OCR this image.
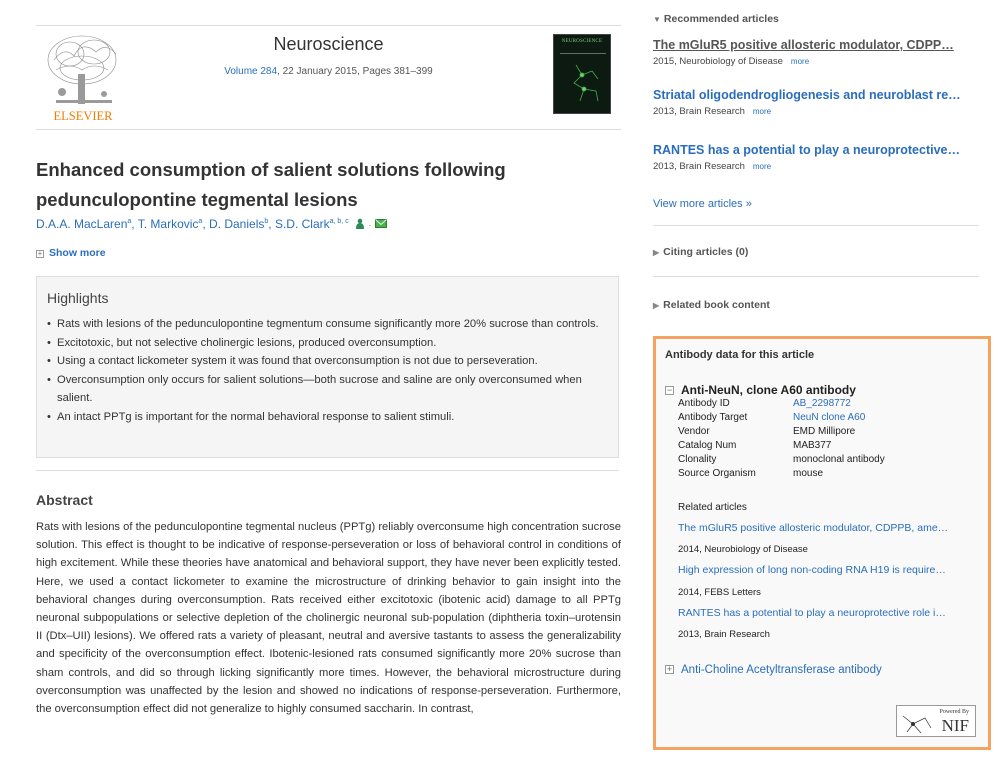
ELSEVIER
Neuroscience
Volume 284, 22 January 2015, Pages 381–399
NEUROSCIENCE
Enhanced consumption of salient solutions following pedunculopontine tegmental lesions
D.A.A. MacLaren$^a$, T. Markovic$^a$, D. Daniels$^b$, S.D. Clark$^{a, b, c}$ ·
+ Show more
Highlights
• Rats with lesions of the pedunculopontine tegmentum consume significantly more 20% sucrose than controls.
• Excitotoxic, but not selective cholinergic lesions, produced overconsumption.
• Using a contact lickometer system it was found that overconsumption is not due to perseveration.
• Overconsumption only occurs for salient solutions—both sucrose and saline are only overconsumed when salient.
• An intact PPTg is important for the normal behavioral response to salient stimuli.
Abstract

Rats with lesions of the pedunculopontine tegmental nucleus (PPTg) reliably overconsume high concentration sucrose solution. This effect is thought to be indicative of response-perseveration or loss of behavioral control in conditions of high excitement. While these theories have anatomical and behavioral support, they have never been explicitly tested. Here, we used a contact lickometer to examine the microstructure of drinking behavior to gain insight into the behavioral changes during overconsumption. Rats received either excitotoxic (ibotenic acid) damage to all PPTg neuronal subpopulations or selective depletion of the cholinergic neuronal sub-population (diphtheria toxin–urotensin II (Dtx–UII) lesions). We offered rats a variety of pleasant, neutral and aversive tastants to assess the generalizability and specificity of the overconsumption effect. Ibotenic-lesioned rats consumed significantly more 20% sucrose than sham controls, and did so through licking significantly more times. However, the behavioral microstructure during overconsumption was unaffected by the lesion and showed no indications of response-perseveration. Furthermore, the overconsumption effect did not generalize to highly consumed saccharin. In contrast,

▼ Recommended articles
The mGluR5 positive allosteric modulator, CDPP…
2015, Neurobiology of Disease more
Striatal oligodendrogliogenesis and neuroblast re…
2013, Brain Research more
RANTES has a potential to play a neuroprotective…
2013, Brain Research more
View more articles »
▶ Citing articles (0)
▶ Related book content
Antibody data for this article
− Anti-NeuN, clone A60 antibody
Antibody ID	AB_2298772
Antibody Target	NeuN clone A60
Vendor	EMD Millipore
Catalog Num	MAB377
Clonality	monoclonal antibody
Source Organism	mouse
Related articles
The mGluR5 positive allosteric modulator, CDPPB, ame…
2014, Neurobiology of Disease
High expression of long non-coding RNA H19 is require…
2014, FEBS Letters
RANTES has a potential to play a neuroprotective role i…
2013, Brain Research
+ Anti-Choline Acetyltransferase antibody
Powered By
NIF
